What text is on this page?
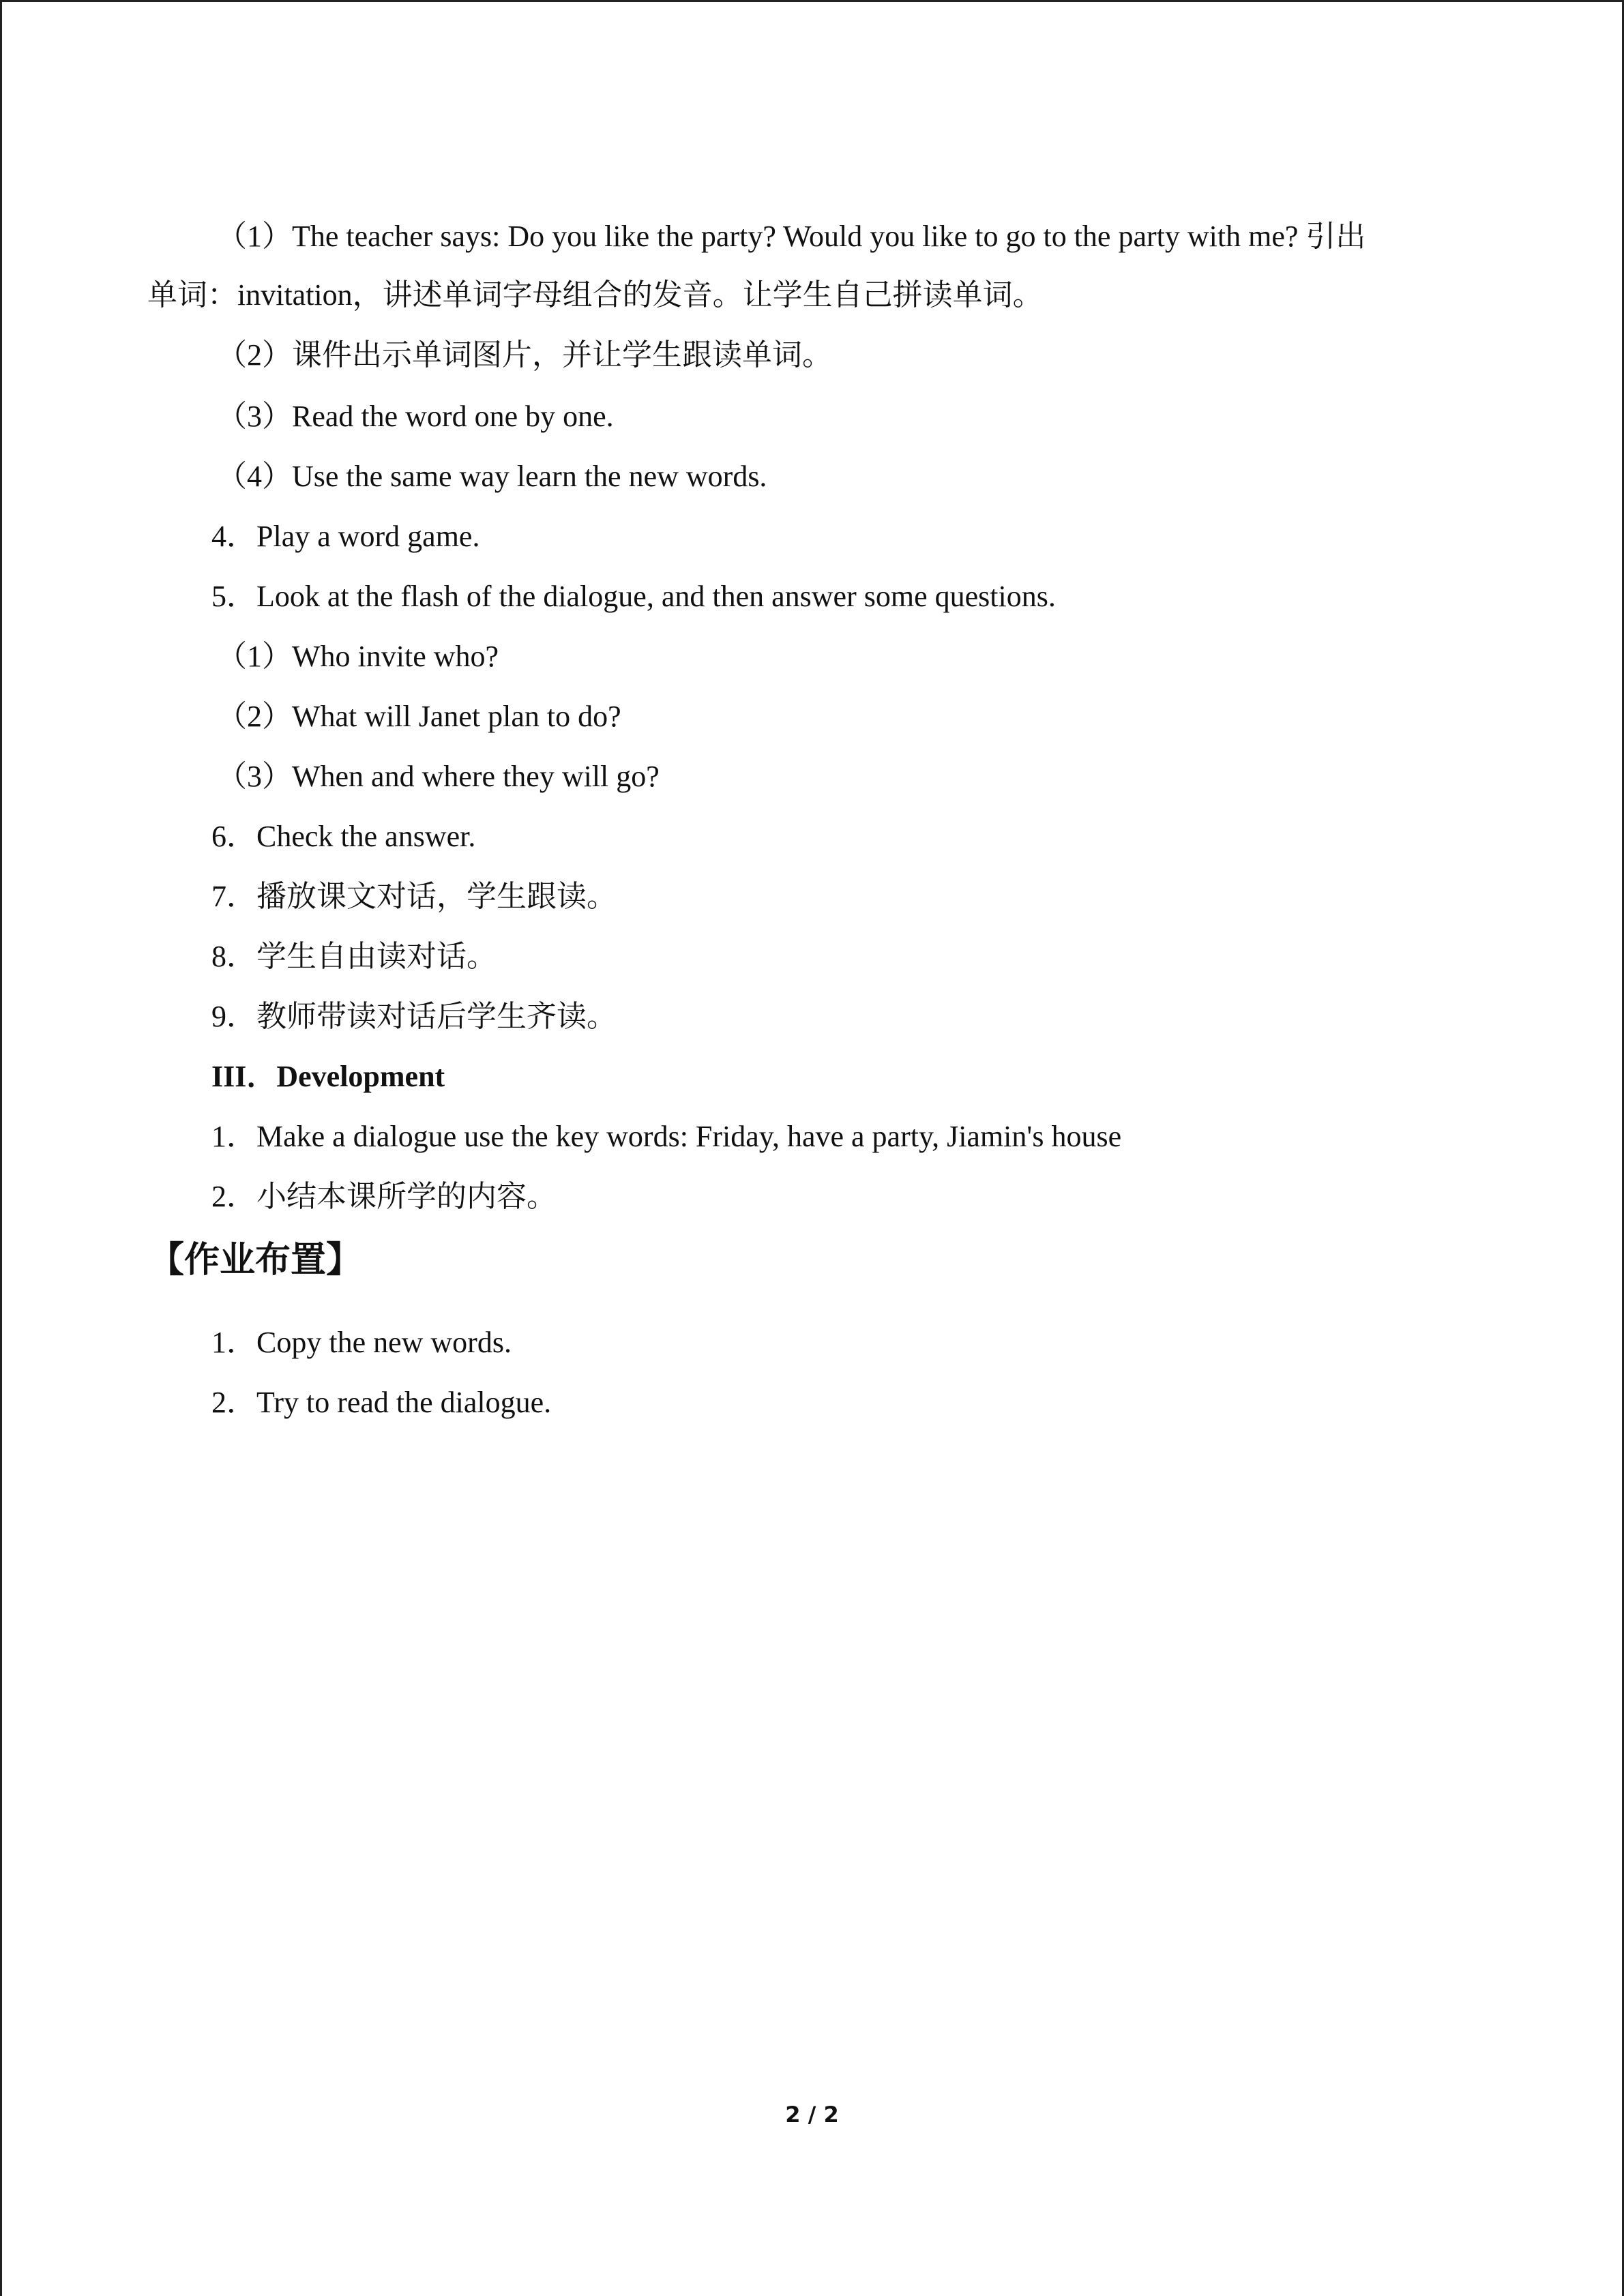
（1）The teacher says: Do you like the party? Would you like to go to the party with me? 引出
单词：invitation，讲述单词字母组合的发音。让学生自己拼读单词。
（2）课件出示单词图片，并让学生跟读单词。
（3）Read the word one by one.
（4）Use the same way learn the new words.
4．Play a word game.
5．Look at the flash of the dialogue, and then answer some questions.
（1）Who invite who?
（2）What will Janet plan to do?
（3）When and where they will go?
6．Check the answer.
7．播放课文对话，学生跟读。
8．学生自由读对话。
9．教师带读对话后学生齐读。
III．Development
1．Make a dialogue use the key words: Friday, have a party, Jiamin's house
2．小结本课所学的内容。
【作业布置】
1．Copy the new words.
2．Try to read the dialogue.
2 / 2
